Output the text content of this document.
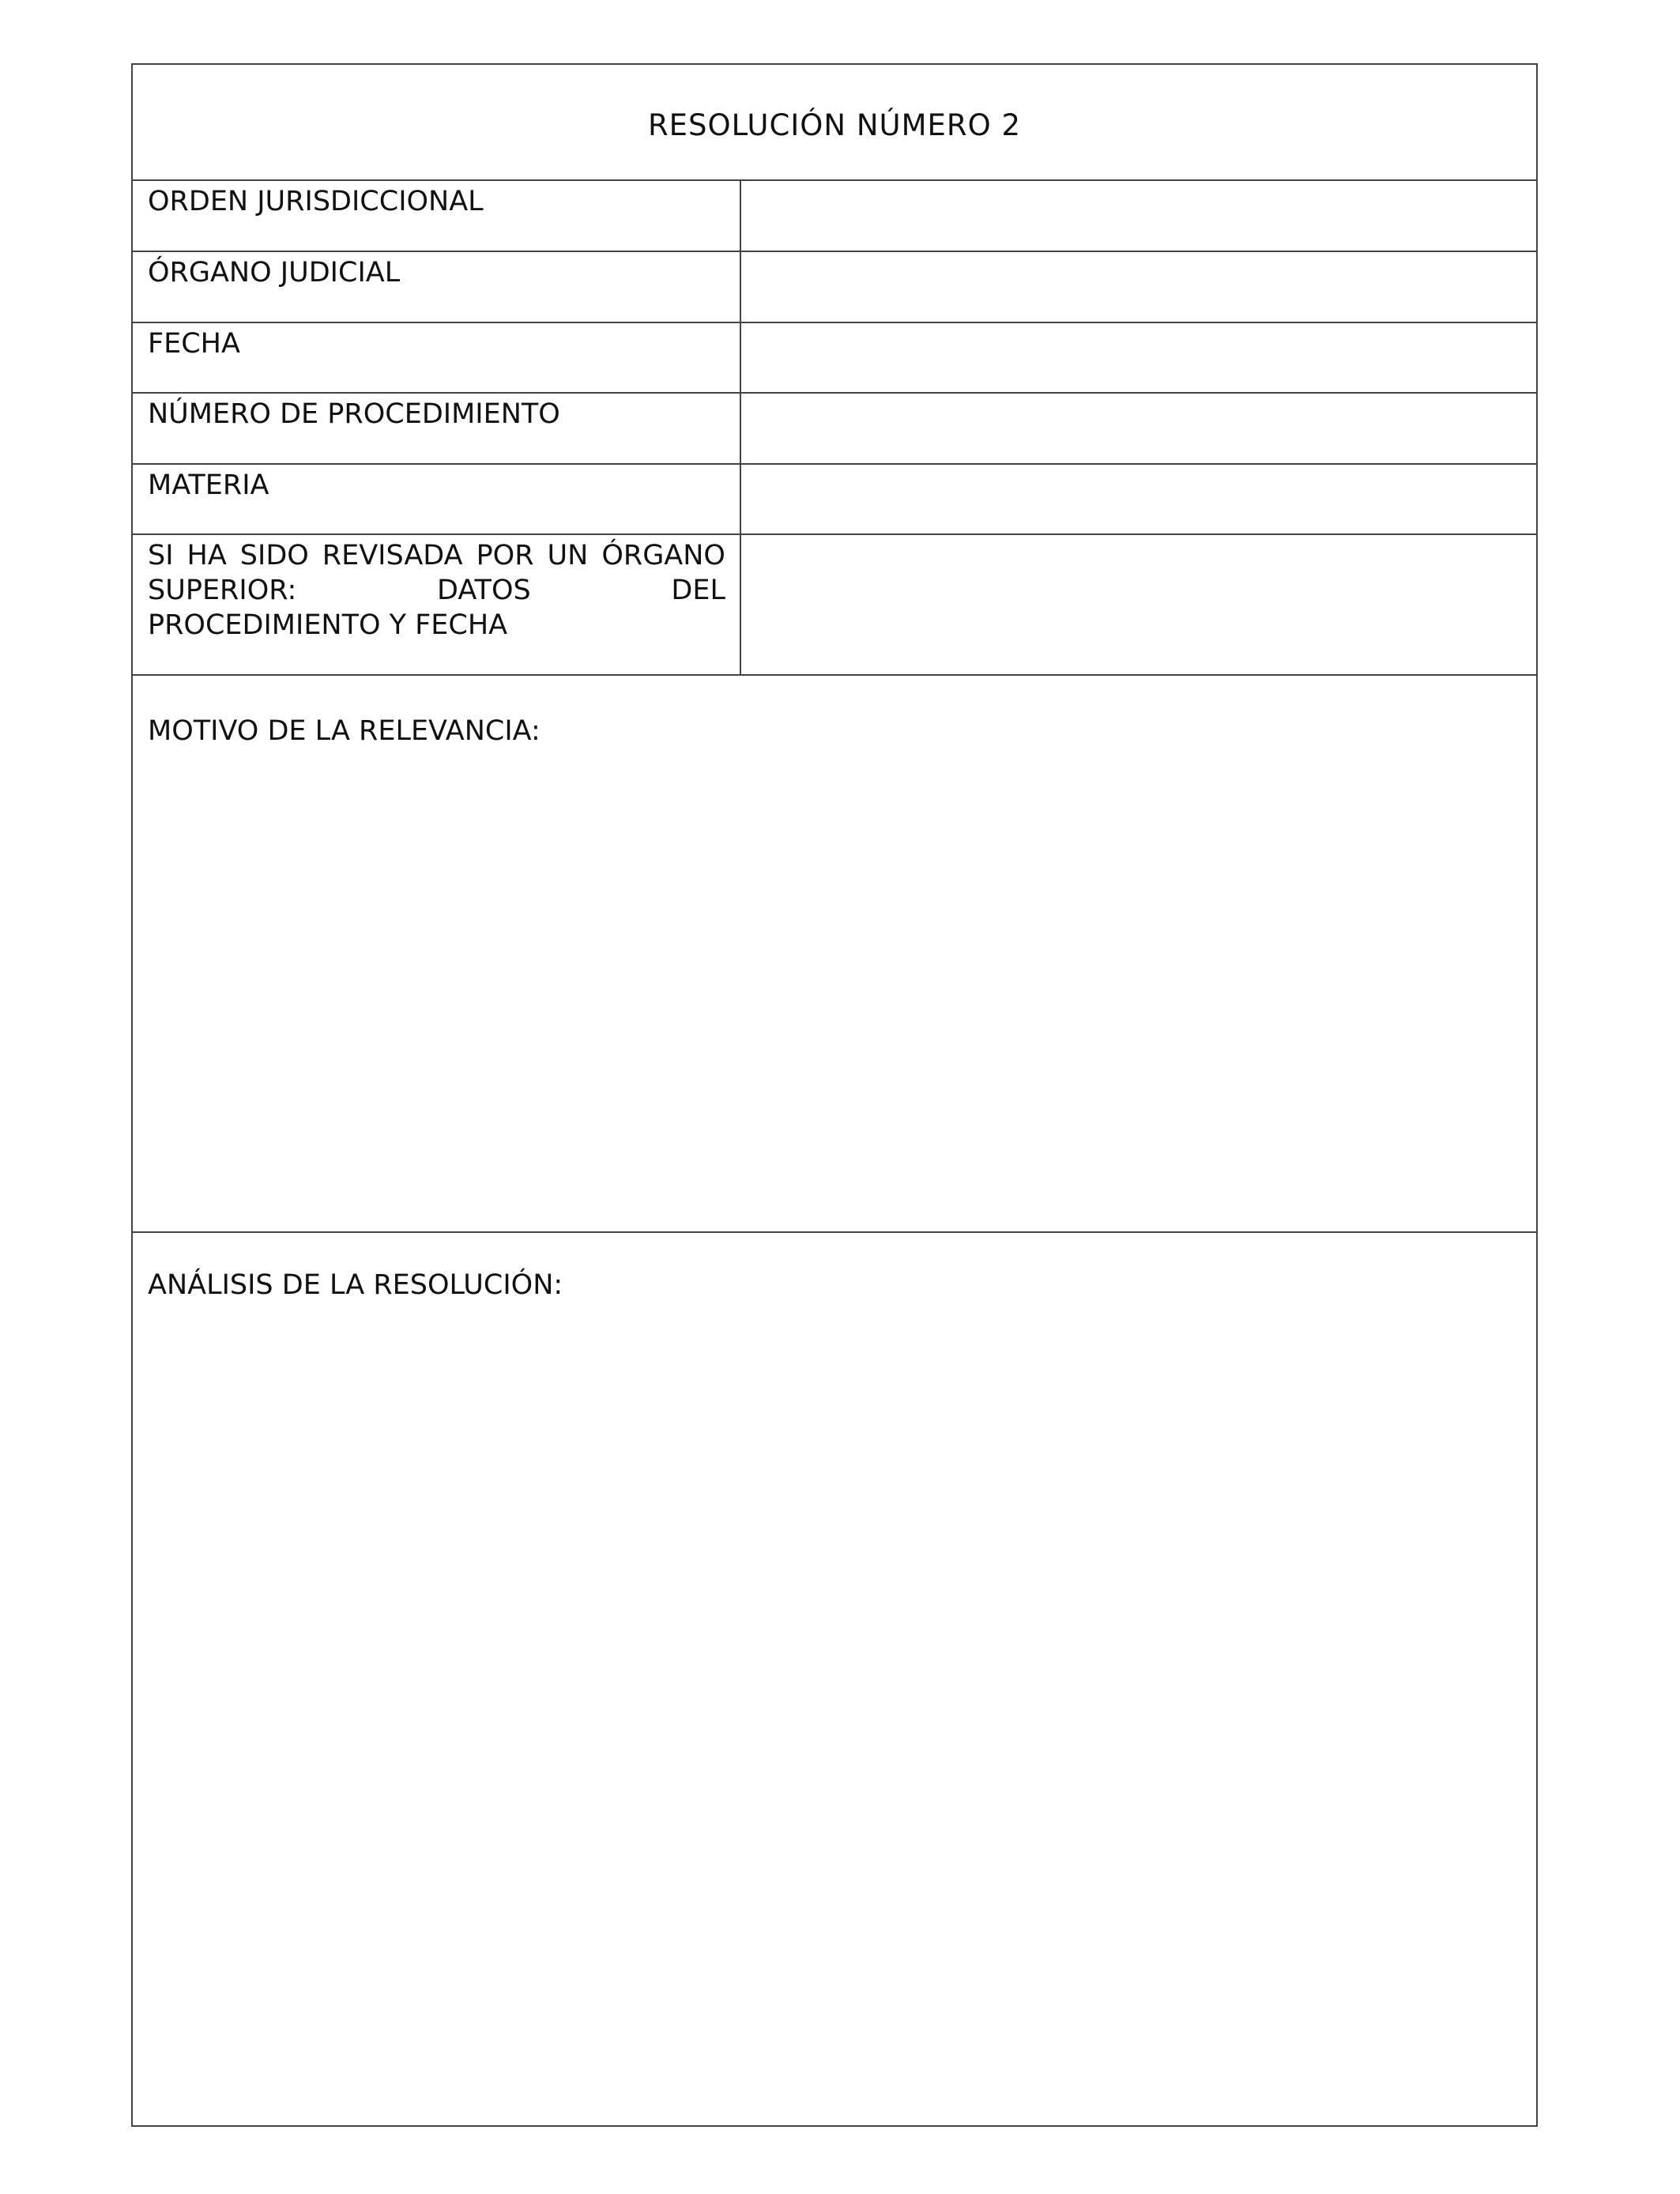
RESOLUCIÓN NÚMERO 2
ORDEN JURISDICCIONAL
ÓRGANO JUDICIAL
FECHA
NÚMERO DE PROCEDIMIENTO
MATERIA
SI HA SIDO REVISADA POR UN ÓRGANO
SUPERIOR: DATOS DEL
PROCEDIMIENTO Y FECHA
MOTIVO DE LA RELEVANCIA:
ANÁLISIS DE LA RESOLUCIÓN:
